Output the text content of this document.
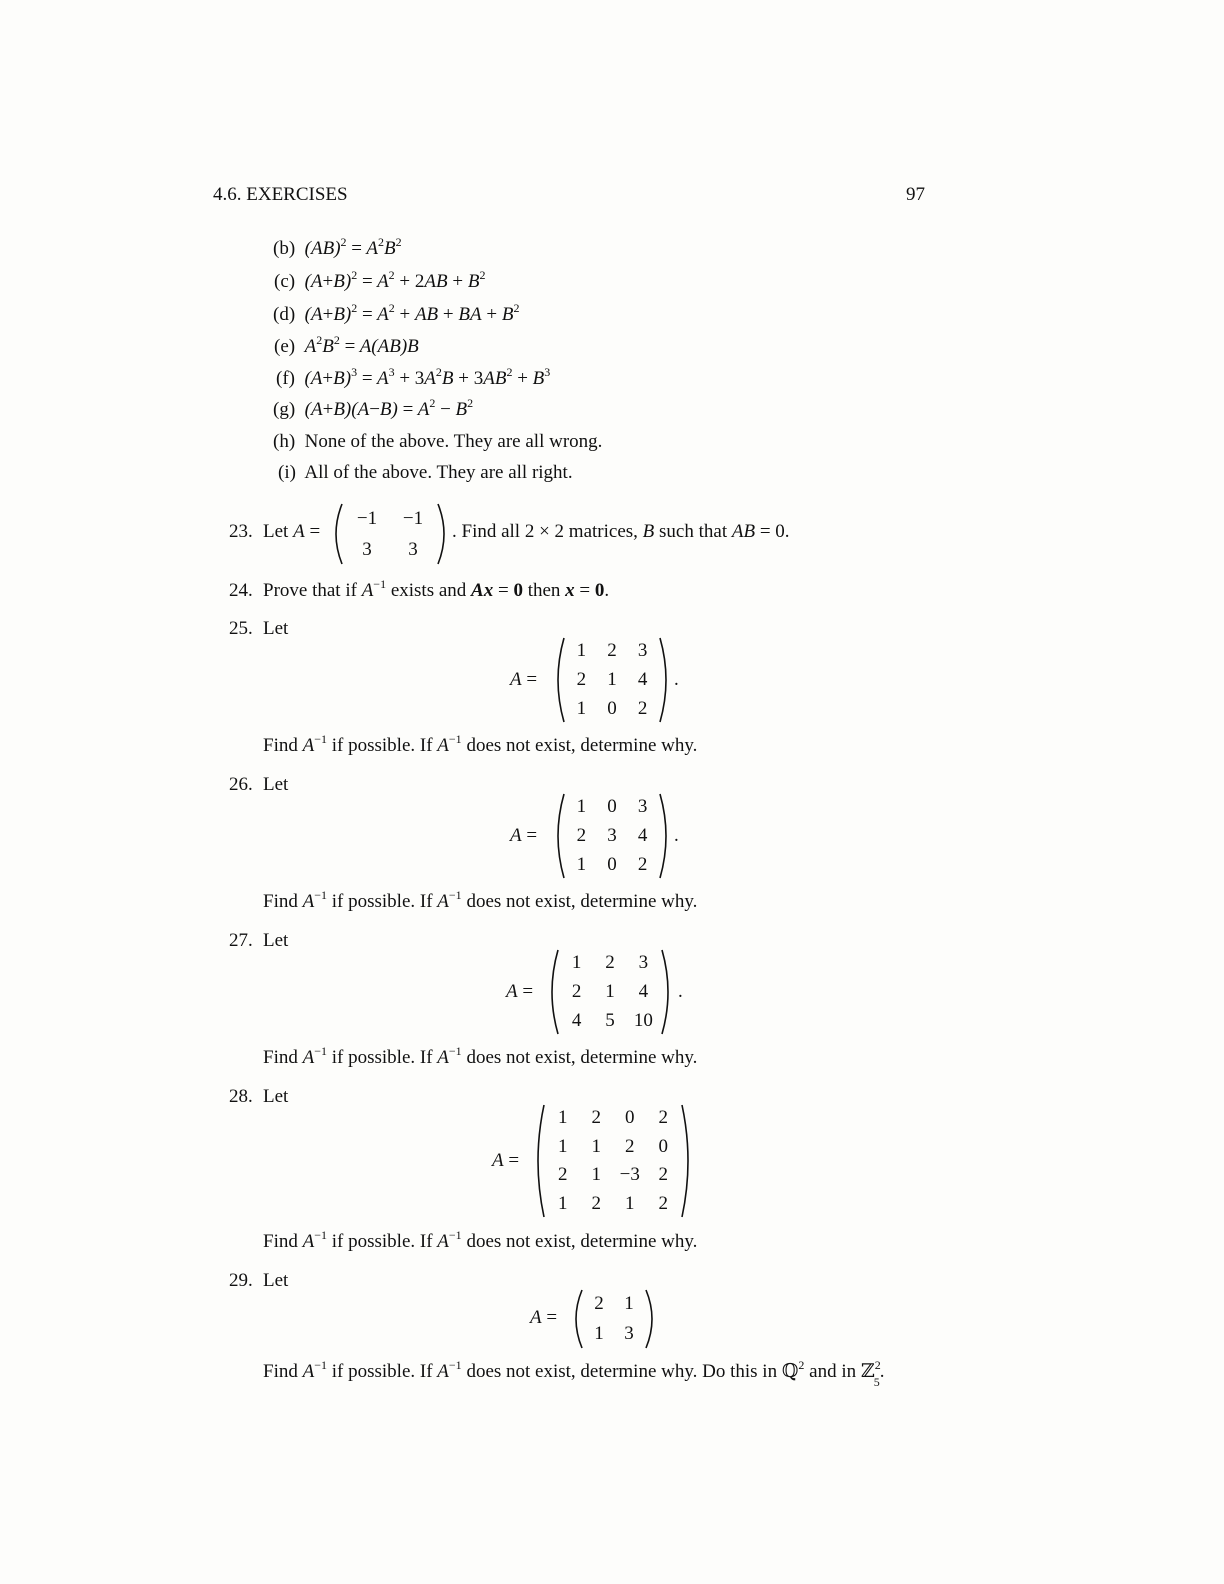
4.6. EXERCISES	97
(b) $(AB)^2 = A^2B^2$
(c) $(A+B)^2 = A^2 + 2AB + B^2$
(d) $(A+B)^2 = A^2$ + AB + BA + $B^2$
(e) $A^2B^2 = A(AB)B$
(f) $(A+B)^3 = A^3 + 3A^2B + 3AB^2 + B^3$
(g) $(A+B)(A-B) = A^2 - B^2$
(h) None of the above. They are all wrong.
(i) All of the above. They are all right.
23. Let A =
−1	−1
3	3
. Find all 2 × 2 matrices, B such that AB = 0.
24. Prove that if $A^{-1}$ exists and Ax = 0 then x = 0.
25. Let
A =
1	2	3
2	1	4
1	0	2
.
Find $A^{-1}$ if possible. If $A^{-1}$ does not exist, determine why.
26. Let
A =
1	0	3
2	3	4
1	0	2
.
Find $A^{-1}$ if possible. If $A^{-1}$ does not exist, determine why.
27. Let
A =
1	2	3
2	1	4
4	5	10
.
Find $A^{-1}$ if possible. If $A^{-1}$ does not exist, determine why.
28. Let
A =
1	2	0	2
1	1	2	0
2	1 −3 2
1	2	1	2
Find $A^{-1}$ if possible. If $A^{-1}$ does not exist, determine why.
29. Let
A =
2	1
1	3
Find $A^{-1}$ if possible. If $A^{-1}$ does not exist, determine why. Do this in ℚ$^2$ and in ℤ$^2_5$.
